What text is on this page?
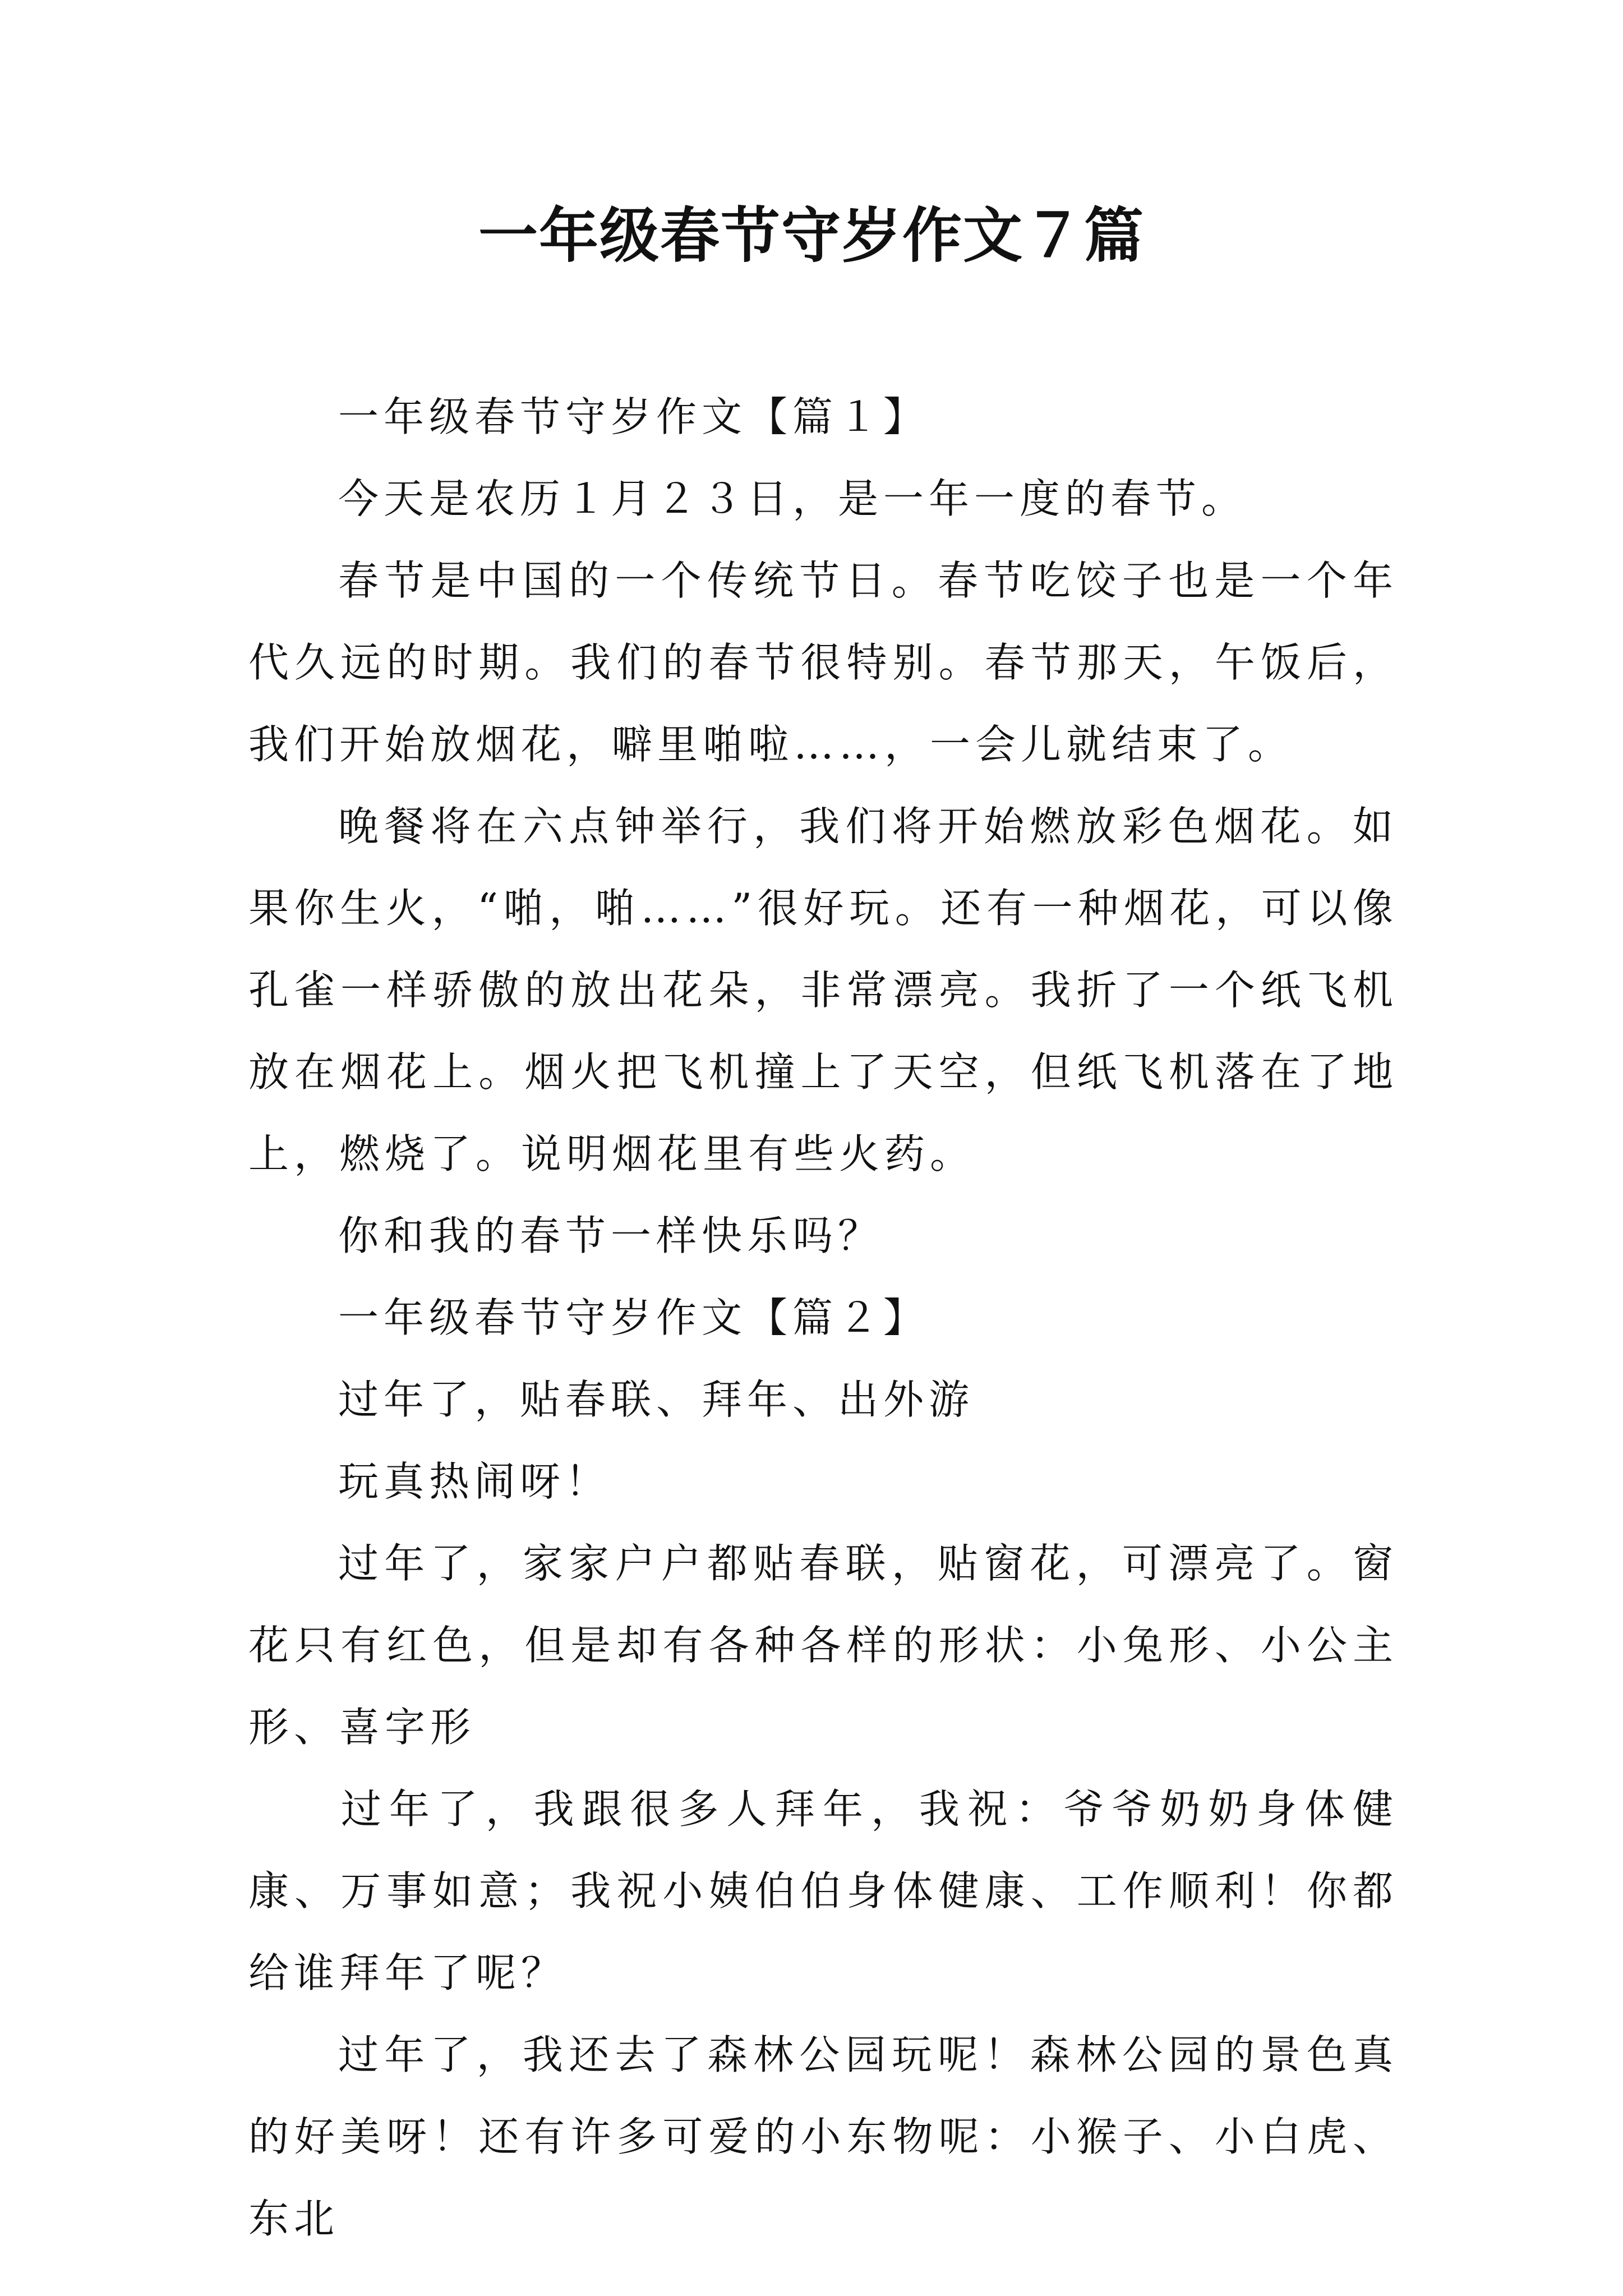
一年级春节守岁作文７篇

一年级春节守岁作文【篇１】

今天是农历１月２３日，是一年一度的春节。

春节是中国的一个传统节日。春节吃饺子也是一个年代久远的时期。我们的春节很特别。春节那天，午饭后，我们开始放烟花，噼里啪啦……，一会儿就结束了。

晚餐将在六点钟举行，我们将开始燃放彩色烟花。如果你生火，“啪，啪……”很好玩。还有一种烟花，可以像孔雀一样骄傲的放出花朵，非常漂亮。我折了一个纸飞机放在烟花上。烟火把飞机撞上了天空，但纸飞机落在了地上，燃烧了。说明烟花里有些火药。

你和我的春节一样快乐吗？

一年级春节守岁作文【篇２】

过年了，贴春联、拜年、出外游

玩真热闹呀！

过年了，家家户户都贴春联，贴窗花，可漂亮了。窗花只有红色，但是却有各种各样的形状：小兔形、小公主形、喜字形

过年了，我跟很多人拜年，我祝：爷爷奶奶身体健康、万事如意；我祝小姨伯伯身体健康、工作顺利！你都给谁拜年了呢？

过年了，我还去了森林公园玩呢！森林公园的景色真的好美呀！还有许多可爱的小东物呢：小猴子、小白虎、东北
